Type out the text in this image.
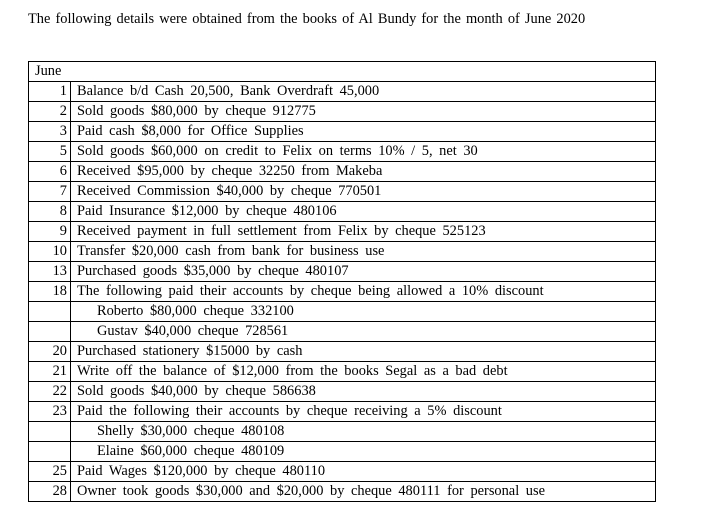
The following details were obtained from the books of Al Bundy for the month of June 2020
June	
1	Balance b/d Cash 20,500, Bank Overdraft 45,000
2	Sold goods $80,000 by cheque 912775
3	Paid cash $8,000 for Office Supplies
5	Sold goods $60,000 on credit to Felix on terms 10% / 5, net 30
6	Received $95,000 by cheque 32250 from Makeba
7	Received Commission $40,000 by cheque 770501
8	Paid Insurance $12,000 by cheque 480106
9	Received payment in full settlement from Felix by cheque 525123
10	Transfer $20,000 cash from bank for business use
13	Purchased goods $35,000 by cheque 480107
18	The following paid their accounts by cheque being allowed a 10% discount
	Roberto $80,000 cheque 332100
	Gustav $40,000 cheque 728561
20	Purchased stationery $15000 by cash
21	Write off the balance of $12,000 from the books Segal as a bad debt
22	Sold goods $40,000 by cheque 586638
23	Paid the following their accounts by cheque receiving a 5% discount
	Shelly $30,000 cheque 480108
	Elaine $60,000 cheque 480109
25	Paid Wages $120,000 by cheque 480110
28	Owner took goods $30,000 and $20,000 by cheque 480111 for personal use
